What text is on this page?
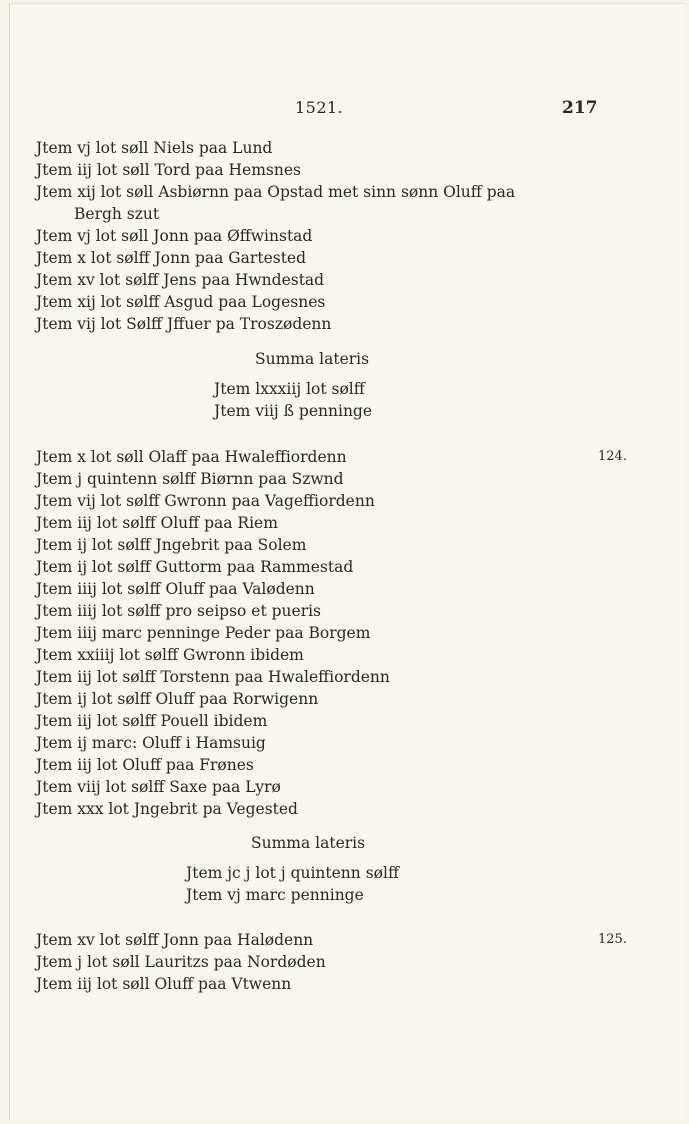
1521.	217
Jtem vj lot søll Niels paa Lund
Jtem iij lot søll Tord paa Hemsnes
Jtem xij lot søll Asbiørnn paa Opstad met sinn sønn Oluff paa
Bergh szut
Jtem vj lot søll Jonn paa Øffwinstad
Jtem x lot sølff Jonn paa Gartested
Jtem xv lot sølff Jens paa Hwndestad
Jtem xij lot sølff Asgud paa Logesnes
Jtem vij lot Sølff Jffuer pa Troszødenn
Summa lateris
Jtem lxxxiij lot sølff
Jtem viij ß penninge
124.
Jtem x lot søll Olaff paa Hwaleffiordenn
Jtem j quintenn sølff Biørnn paa Szwnd
Jtem vij lot sølff Gwronn paa Vageffiordenn
Jtem iij lot sølff Oluff paa Riem
Jtem ij lot sølff Jngebrit paa Solem
Jtem ij lot sølff Guttorm paa Rammestad
Jtem iiij lot sølff Oluff paa Valødenn
Jtem iiij lot sølff pro seipso et pueris
Jtem iiij marc penninge Peder paa Borgem
Jtem xxiiij lot sølff Gwronn ibidem
Jtem iij lot sølff Torstenn paa Hwaleffiordenn
Jtem ij lot sølff Oluff paa Rorwigenn
Jtem iij lot sølff Pouell ibidem
Jtem ij marc: Oluff i Hamsuig
Jtem iij lot Oluff paa Frønes
Jtem viij lot sølff Saxe paa Lyrø
Jtem xxx lot Jngebrit pa Vegested
Summa lateris
Jtem jc j lot j quintenn sølff
Jtem vj marc penninge
125.
Jtem xv lot sølff Jonn paa Halødenn
Jtem j lot søll Lauritzs paa Nordøden
Jtem iij lot søll Oluff paa Vtwenn
